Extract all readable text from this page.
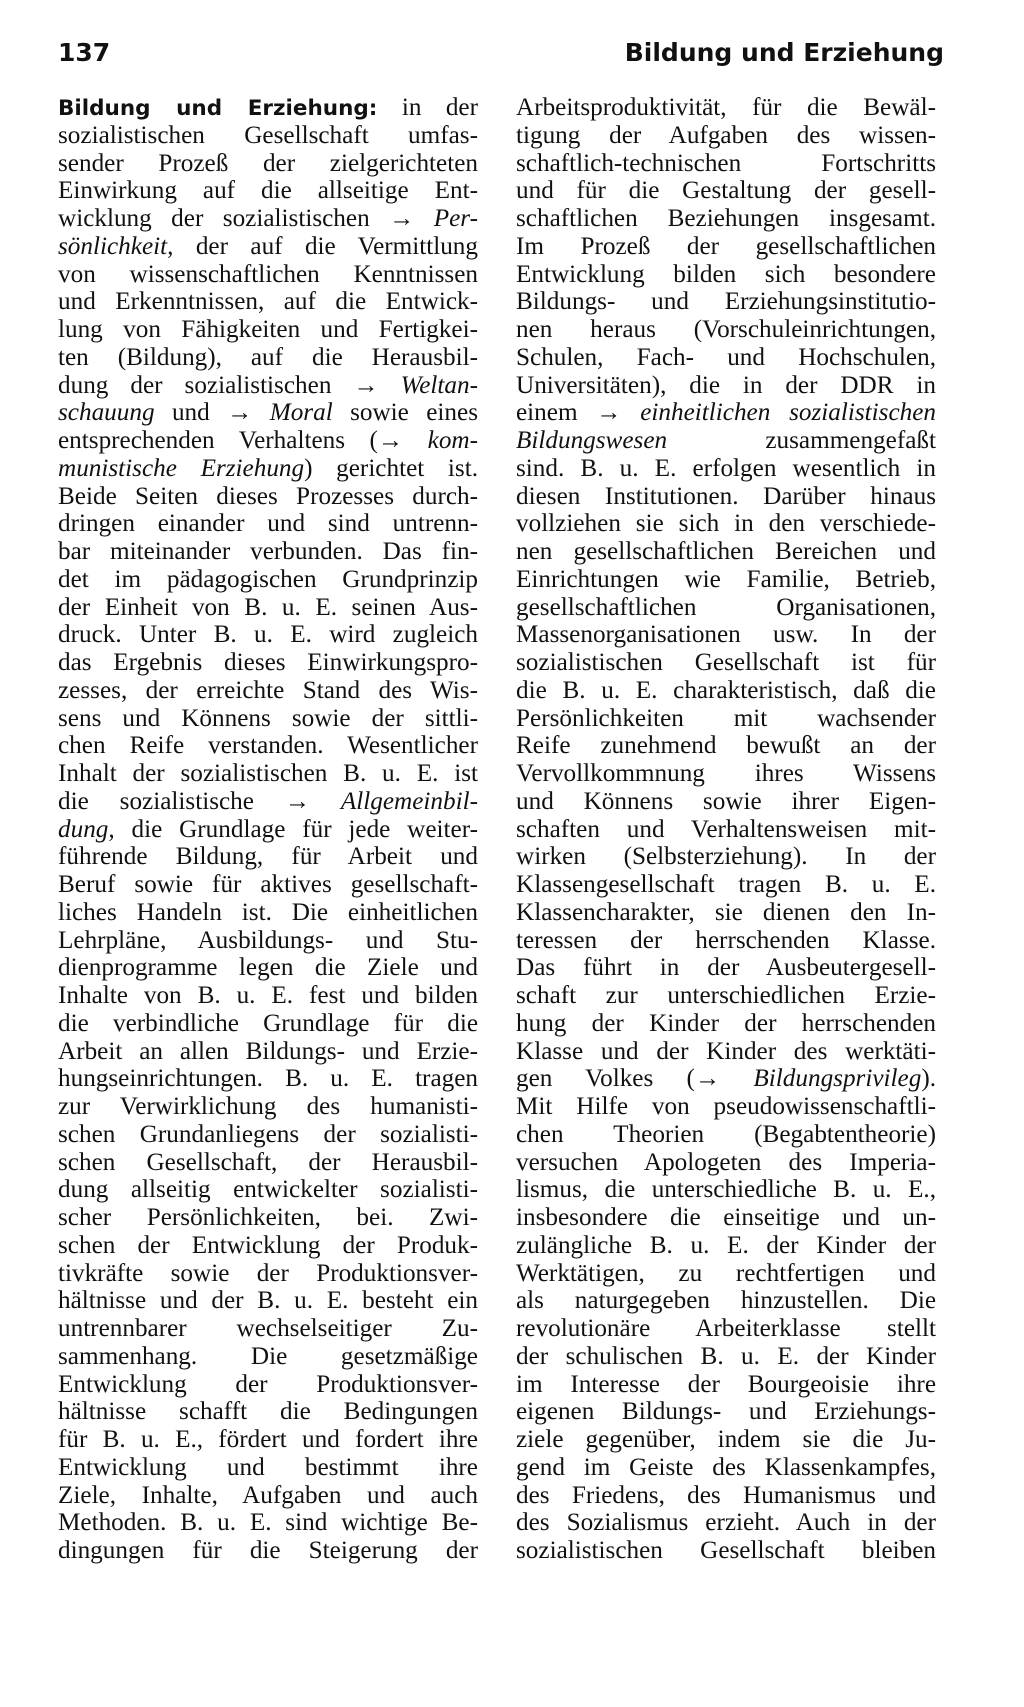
137	Bildung und Erziehung
Bildung und Erziehung: in der
sozialistischen Gesellschaft umfas-
sender Prozeß der zielgerichteten
Einwirkung auf die allseitige Ent-
wicklung der sozialistischen → Per-
sönlichkeit, der auf die Vermittlung
von wissenschaftlichen Kenntnissen
und Erkenntnissen, auf die Entwick-
lung von Fähigkeiten und Fertigkei-
ten (Bildung), auf die Herausbil-
dung der sozialistischen → Weltan-
schauung und → Moral sowie eines
entsprechenden Verhaltens (→ kom-
munistische Erziehung) gerichtet ist.
Beide Seiten dieses Prozesses durch-
dringen einander und sind untrenn-
bar miteinander verbunden. Das fin-
det im pädagogischen Grundprinzip
der Einheit von B. u. E. seinen Aus-
druck. Unter B. u. E. wird zugleich
das Ergebnis dieses Einwirkungspro-
zesses, der erreichte Stand des Wis-
sens und Könnens sowie der sittli-
chen Reife verstanden. Wesentlicher
Inhalt der sozialistischen B. u. E. ist
die sozialistische → Allgemeinbil-
dung, die Grundlage für jede weiter-
führende Bildung, für Arbeit und
Beruf sowie für aktives gesellschaft-
liches Handeln ist. Die einheitlichen
Lehrpläne, Ausbildungs- und Stu-
dienprogramme legen die Ziele und
Inhalte von B. u. E. fest und bilden
die verbindliche Grundlage für die
Arbeit an allen Bildungs- und Erzie-
hungseinrichtungen. B. u. E. tragen
zur Verwirklichung des humanisti-
schen Grundanliegens der sozialisti-
schen Gesellschaft, der Herausbil-
dung allseitig entwickelter sozialisti-
scher Persönlichkeiten, bei. Zwi-
schen der Entwicklung der Produk-
tivkräfte sowie der Produktionsver-
hältnisse und der B. u. E. besteht ein
untrennbarer wechselseitiger Zu-
sammenhang. Die gesetzmäßige
Entwicklung der Produktionsver-
hältnisse schafft die Bedingungen
für B. u. E., fördert und fordert ihre
Entwicklung und bestimmt ihre
Ziele, Inhalte, Aufgaben und auch
Methoden. B. u. E. sind wichtige Be-
dingungen für die Steigerung der
Arbeitsproduktivität, für die Bewäl-
tigung der Aufgaben des wissen-
schaftlich-technischen Fortschritts
und für die Gestaltung der gesell-
schaftlichen Beziehungen insgesamt.
Im Prozeß der gesellschaftlichen
Entwicklung bilden sich besondere
Bildungs- und Erziehungsinstitutio-
nen heraus (Vorschuleinrichtungen,
Schulen, Fach- und Hochschulen,
Universitäten), die in der DDR in
einem → einheitlichen sozialistischen
Bildungswesen zusammengefaßt
sind. B. u. E. erfolgen wesentlich in
diesen Institutionen. Darüber hinaus
vollziehen sie sich in den verschiede-
nen gesellschaftlichen Bereichen und
Einrichtungen wie Familie, Betrieb,
gesellschaftlichen Organisationen,
Massenorganisationen usw. In der
sozialistischen Gesellschaft ist für
die B. u. E. charakteristisch, daß die
Persönlichkeiten mit wachsender
Reife zunehmend bewußt an der
Vervollkommnung ihres Wissens
und Könnens sowie ihrer Eigen-
schaften und Verhaltensweisen mit-
wirken (Selbsterziehung). In der
Klassengesellschaft tragen B. u. E.
Klassencharakter, sie dienen den In-
teressen der herrschenden Klasse.
Das führt in der Ausbeutergesell-
schaft zur unterschiedlichen Erzie-
hung der Kinder der herrschenden
Klasse und der Kinder des werktäti-
gen Volkes (→ Bildungsprivileg).
Mit Hilfe von pseudowissenschaftli-
chen Theorien (Begabtentheorie)
versuchen Apologeten des Imperia-
lismus, die unterschiedliche B. u. E.,
insbesondere die einseitige und un-
zulängliche B. u. E. der Kinder der
Werktätigen, zu rechtfertigen und
als naturgegeben hinzustellen. Die
revolutionäre Arbeiterklasse stellt
der schulischen B. u. E. der Kinder
im Interesse der Bourgeoisie ihre
eigenen Bildungs- und Erziehungs-
ziele gegenüber, indem sie die Ju-
gend im Geiste des Klassenkampfes,
des Friedens, des Humanismus und
des Sozialismus erzieht. Auch in der
sozialistischen Gesellschaft bleiben
